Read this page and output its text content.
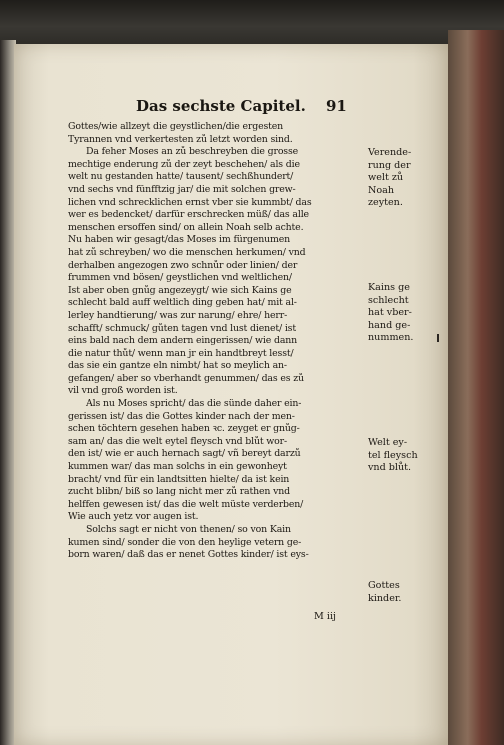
Das sechste Capitel. 91
Gottes/wie allzeyt die geystlichen/die ergesten
Tyrannen vnd verkertesten zů letzt worden sind.
Da feher Moses an zů beschreyben die grosse
mechtige enderung zů der zeyt beschehen/ als die
welt nu gestanden hatte/ tausent/ sechßhundert/
vnd sechs vnd fünfftzig jar/ die mit solchen grew-
lichen vnd schrecklichen ernst vber sie kummbt/ das
wer es bedencket/ darfür erschrecken müß/ das alle
menschen ersoffen sind/ on allein Noah selb achte.
Nu haben wir gesagt/das Moses im fürgenumen
hat zů schreyben/ wo die menschen herkumen/ vnd
derhalben angezogen zwo schnůr oder linien/ der
frummen vnd bösen/ geystlichen vnd weltlichen/
Ist aber oben gnůg angezeygt/ wie sich Kains ge
schlecht bald auff weltlich ding geben hat/ mit al-
lerley handtierung/ was zur narung/ ehre/ herr-
schafft/ schmuck/ gůten tagen vnd lust dienet/ ist
eins bald nach dem andern eingerissen/ wie dann
die natur thůt/ wenn man jr ein handtbreyt lesst/
das sie ein gantze eln nimbt/ hat so meylich an-
gefangen/ aber so vberhandt genummen/ das es zů
vil vnd groß worden ist.
Als nu Moses spricht/ das die sünde daher ein-
gerissen ist/ das die Gottes kinder nach der men-
schen töchtern gesehen haben ꝛc. zeyget er gnůg-
sam an/ das die welt eytel fleysch vnd blůt wor-
den ist/ wie er auch hernach sagt/ vñ bereyt darzů
kummen war/ das man solchs in ein gewonheyt
bracht/ vnd für ein landtsitten hielte/ da ist kein
zucht blibn/ biß so lang nicht mer zů rathen vnd
helffen gewesen ist/ das die welt müste verderben/
Wie auch yetz vor augen ist.
Solchs sagt er nicht von thenen/ so von Kain
kumen sind/ sonder die von den heylige vetern ge-
born waren/ daß das er nenet Gottes kinder/ ist eys-
Verende-
rung der
welt zů
Noah
zeyten.
Kains ge
schlecht
hat vber-
hand ge-
nummen.
Welt ey-
tel fleysch
vnd blůt.
Gottes
kinder.
M iij
